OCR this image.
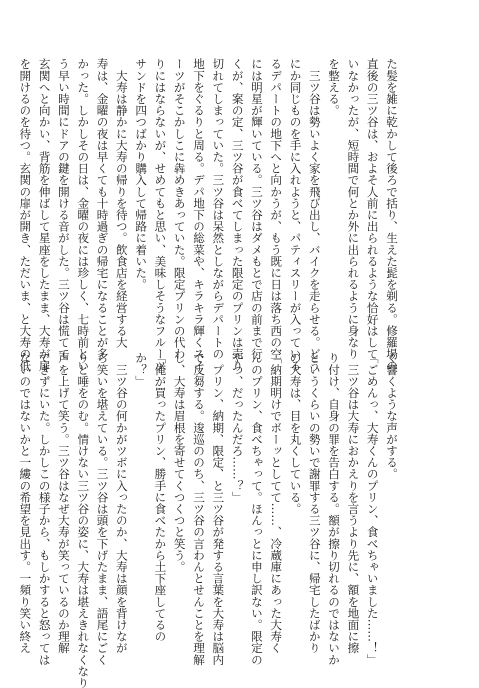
た髪を雑に乾かして後ろで括り、生えた髭を剃る。修羅場の
直後の三ツ谷は、およそ人前に出られるような恰好はして
いなかったが、短時間で何とか外に出られるように身なり
を整える。
　三ツ谷は勢いよく家を飛び出し、バイクを走らせる。どう
にか同じものを手に入れようと、パティスリーが入っている
るデパートの地下へと向かうが、もう既に日は落ち西の空
には明星が輝いている。三ツ谷はダメもとで店の前まで行
くが、案の定、三ツ谷が食べてしまった限定のプリンは売り
切れてしまっていた。三ツ谷は呆然としながらデパートの
地下をぐるりと周る。デパ地下の総菜や、キラキラ輝くスイ
ーツがそこかしこに犇めきあっていた。限定プリンの代わ
りにはならないが、せめてもと思い、美味しそうなフルーツ
サンドを四つばかり購入して帰路に着いた。
　大寿は静かに大寿の帰りを待つ。飲食店を経営する大
寿は、金曜の夜は早くても十時過ぎの帰宅になることが多
かった。しかしその日は、金曜の夜には珍しく、七時前とい
う早い時間にドアの鍵を開ける音がした。三ツ谷は慌てて
玄関へと向かい、背筋を伸ばして星座をしたまま、大寿が扉
を開けるのを待つ。玄関の扉が開き、ただいま、と大寿の低
く響くような声がする。
「ごめんっ、大寿くんのプリン、食べちゃいました……！」
　三ツ谷は大寿におかえりを言うより先に、額を地面に擦
り付け、自身の罪を告白する。額が擦り切れるのではないか
というくらいの勢いで謝罪する三ツ谷に、帰宅したばかり
の大寿は、目を丸くしている。
「納期明けでボーッとしてて……、冷蔵庫にあった大寿く
んのプリン、食べちゃって。ほんっとに申し訳ない。限定の
やつ、だったんだろ……？」
　プリン、納期、限定、と三ツ谷が発する言葉を大寿は脳内
で反芻する。逡巡ののち、三ツ谷の言わんとせんことを理解
し、大寿は眉根を寄せてくつくつと笑う。
「俺が買ったプリン、勝手に食べたから土下座してるの
か？」
　三ツ谷の何かがツボに入ったのか、大寿は顔を背けなが
ら笑いを堪えている。三ツ谷は頭を下げたまま、語尾にごく
りと唾をのむ。情けない三ツ谷の姿に、大寿は堪えきれなくなり
声を上げて笑う。三ツ谷はなぜ大寿が笑っているのか理解
できずにいた。しかしこの様子から、もしかすると怒っては
ないのではないかと一縷の希望を見出す。一頻り笑い終え
